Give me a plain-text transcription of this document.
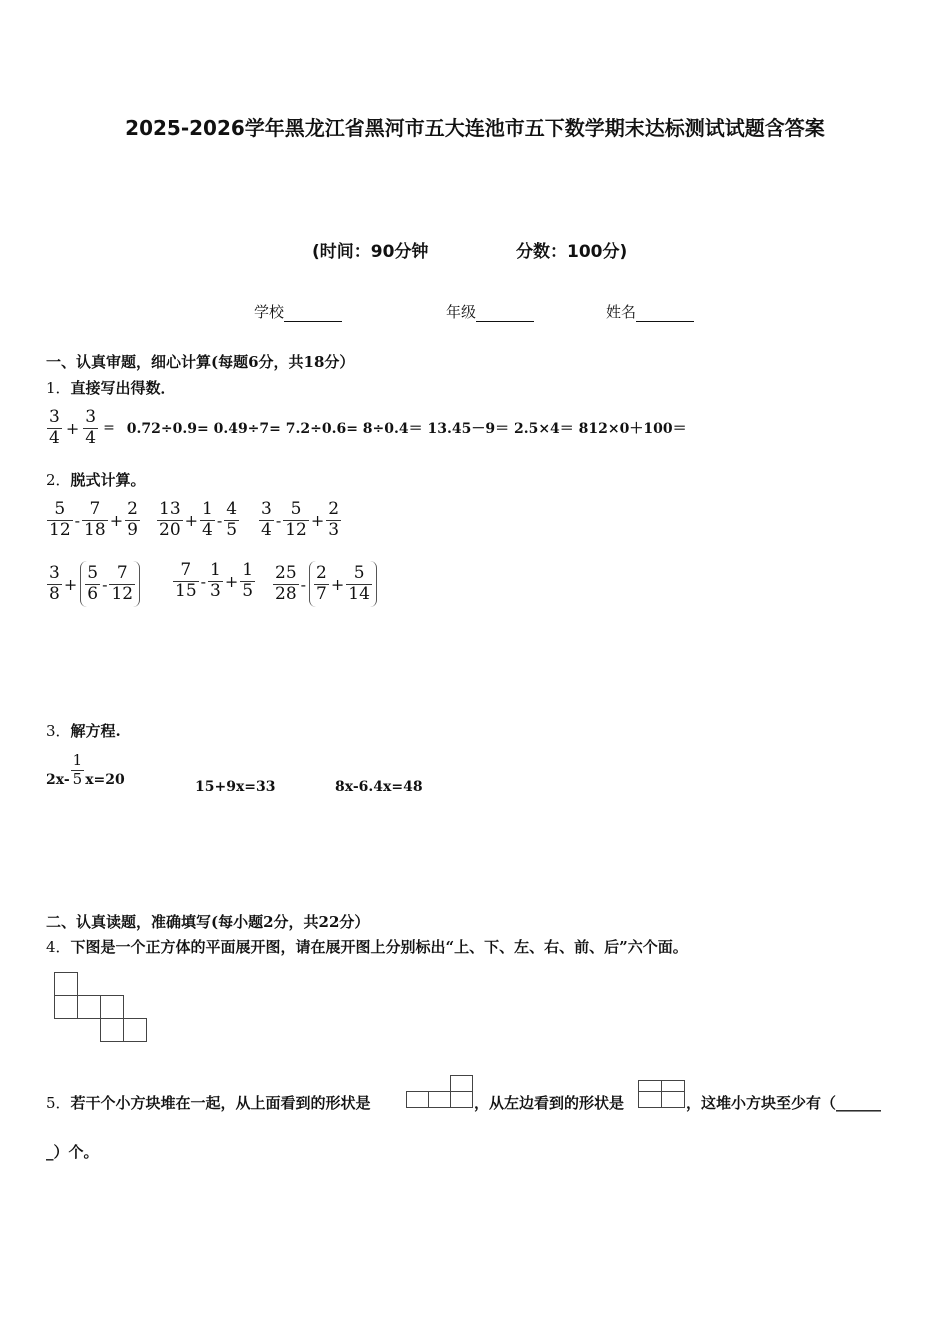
2025-2026学年黑龙江省黑河市五大连池市五下数学期末达标测试试题含答案
(时间：90分钟	分数：100分)
学校	年级	姓名
一、认真审题，细心计算(每题6分，共18分）
1．直接写出得数．
$\frac{3}{4} + \frac{3}{4} = 0.72\div 0.9= 0.49\div 7= 7.2\div 0.6= 8\div 0.4= 13.45-9= 2.5\times 4= 812\times 0+100=$
2．脱式计算。
$\frac{5}{12} - \frac{7}{18} + \frac{2}{9} \frac{13}{20} + \frac{1}{4} - \frac{4}{5} \frac{3}{4} - \frac{5}{12} + \frac{2}{3}$
$\frac{3}{8} + \frac{5}{6} - \frac{7}{12} \frac{7}{15} - \frac{1}{3} + \frac{1}{5} \frac{25}{28} - \frac{2}{7} + \frac{5}{14}$
3．解方程.
$2x- \frac{1}{5} x=20$	15+9x=33	8x-6.4x=48
二、认真读题，准确填写(每小题2分，共22分）
4．下图是一个正方体的平面展开图，请在展开图上分别标出“上、下、左、右、前、后”六个面。
5．若干个小方块堆在一起，从上面看到的形状是	，从左边看到的形状是	，这堆小方块至少有（______
_）个。
